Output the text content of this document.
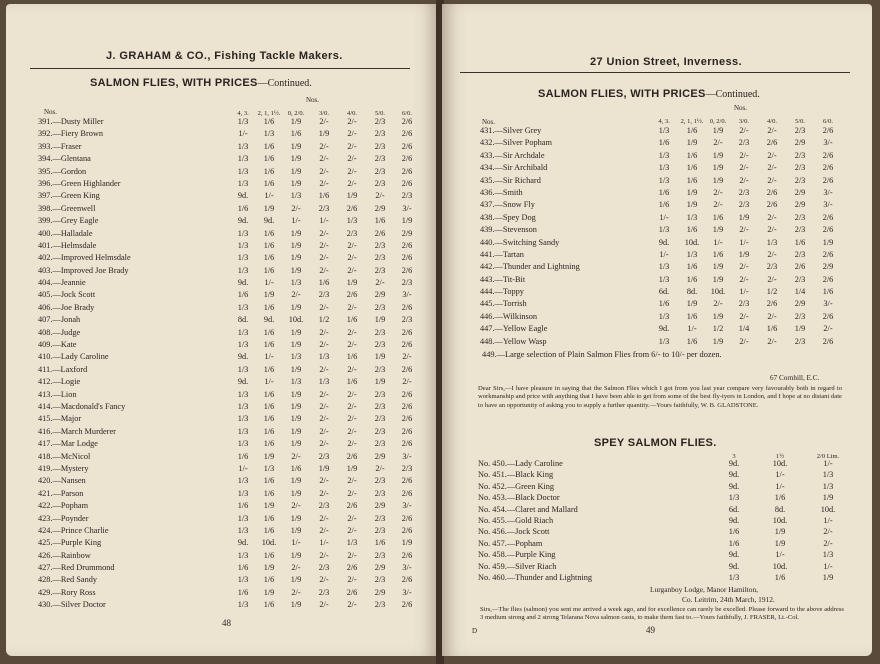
J. GRAHAM & CO., Fishing Tackle Makers.
SALMON FLIES, WITH PRICES—Continued.
Nos.
Nos.	4, 3. 2, 1, 1½. 0, 2/0. 3/0.	4/0.	5/0.	6/0.
391.—Dusty Miller	1/3 1/6 1/9 2/- 2/- 2/3 2/6
392.—Fiery Brown	1/- 1/3 1/6 1/9 2/- 2/3 2/6
393.—Fraser	1/3 1/6 1/9 2/- 2/- 2/3 2/6
394.—Glentana	1/3 1/6 1/9 2/- 2/- 2/3 2/6
395.—Gordon	1/3 1/6 1/9 2/- 2/- 2/3 2/6
396.—Green Highlander	1/3 1/6 1/9 2/- 2/- 2/3 2/6
397.—Green King	9d. 1/- 1/3 1/6 1/9 2/- 2/3
398.—Greenwell	1/6 1/9 2/- 2/3 2/6 2/9 3/-
399.—Grey Eagle	9d. 9d. 1/- 1/- 1/3 1/6 1/9
400.—Halladale	1/3 1/6 1/9 2/- 2/3 2/6 2/9
401.—Helmsdale	1/3 1/6 1/9 2/- 2/- 2/3 2/6
402.—Improved Helmsdale	1/3 1/6 1/9 2/- 2/- 2/3 2/6
403.—Improved Joe Brady	1/3 1/6 1/9 2/- 2/- 2/3 2/6
404.—Jeannie	9d. 1/- 1/3 1/6 1/9 2/- 2/3
405.—Jock Scott	1/6 1/9 2/- 2/3 2/6 2/9 3/-
406.—Joe Brady	1/3 1/6 1/9 2/- 2/- 2/3 2/6
407.—Jonah	8d. 9d. 10d. 1/2 1/6 1/9 2/3
408.—Judge	1/3 1/6 1/9 2/- 2/- 2/3 2/6
409.—Kate	1/3 1/6 1/9 2/- 2/- 2/3 2/6
410.—Lady Caroline	9d. 1/- 1/3 1/3 1/6 1/9 2/-
411.—Laxford	1/3 1/6 1/9 2/- 2/- 2/3 2/6
412.—Logie	9d. 1/- 1/3 1/3 1/6 1/9 2/-
413.—Lion	1/3 1/6 1/9 2/- 2/- 2/3 2/6
414.—Macdonald's Fancy	1/3 1/6 1/9 2/- 2/- 2/3 2/6
415.—Major	1/3 1/6 1/9 2/- 2/- 2/3 2/6
416.—March Murderer	1/3 1/6 1/9 2/- 2/- 2/3 2/6
417.—Mar Lodge	1/3 1/6 1/9 2/- 2/- 2/3 2/6
418.—McNicol	1/6 1/9 2/- 2/3 2/6 2/9 3/-
419.—Mystery	1/- 1/3 1/6 1/9 1/9 2/- 2/3
420.—Nansen	1/3 1/6 1/9 2/- 2/- 2/3 2/6
421.—Parson	1/3 1/6 1/9 2/- 2/- 2/3 2/6
422.—Popham	1/6 1/9 2/- 2/3 2/6 2/9 3/-
423.—Poynder	1/3 1/6 1/9 2/- 2/- 2/3 2/6
424.—Prince Charlie	1/3 1/6 1/9 2/- 2/- 2/3 2/6
425.—Purple King	9d. 10d. 1/- 1/- 1/3 1/6 1/9
426.—Rainbow	1/3 1/6 1/9 2/- 2/- 2/3 2/6
427.—Red Drummond	1/6 1/9 2/- 2/3 2/6 2/9 3/-
428.—Red Sandy	1/3 1/6 1/9 2/- 2/- 2/3 2/6
429.—Rory Ross	1/6 1/9 2/- 2/3 2/6 2/9 3/-
430.—Silver Doctor	1/3 1/6 1/9 2/- 2/- 2/3 2/6
48
27 Union Street, Inverness.
SALMON FLIES, WITH PRICES—Continued.
Nos.
Nos.	4, 3. 2, 1, 1½. 0, 2/0. 3/0.	4/0.	5/0.	6/0.
431.—Silver Grey	1/3 1/6 1/9 2/- 2/- 2/3 2/6
432.—Silver Popham	1/6 1/9 2/- 2/3 2/6 2/9 3/-
433.—Sir Archdale	1/3 1/6 1/9 2/- 2/- 2/3 2/6
434.—Sir Archibald	1/3 1/6 1/9 2/- 2/- 2/3 2/6
435.—Sir Richard	1/3 1/6 1/9 2/- 2/- 2/3 2/6
436.—Smith	1/6 1/9 2/- 2/3 2/6 2/9 3/-
437.—Snow Fly	1/6 1/9 2/- 2/3 2/6 2/9 3/-
438.—Spey Dog	1/- 1/3 1/6 1/9 2/- 2/3 2/6
439.—Stevenson	1/3 1/6 1/9 2/- 2/- 2/3 2/6
440.—Switching Sandy	9d. 10d. 1/- 1/- 1/3 1/6 1/9
441.—Tartan	1/- 1/3 1/6 1/9 2/- 2/3 2/6
442.—Thunder and Lightning	1/3 1/6 1/9 2/- 2/3 2/6 2/9
443.—Tit-Bit	1/3 1/6 1/9 2/- 2/- 2/3 2/6
444.—Toppy	6d. 8d. 10d. 1/- 1/2 1/4 1/6
445.—Torrish	1/6 1/9 2/- 2/3 2/6 2/9 3/-
446.—Wilkinson	1/3 1/6 1/9 2/- 2/- 2/3 2/6
447.—Yellow Eagle	9d. 1/- 1/2 1/4 1/6 1/9 2/-
448.—Yellow Wasp	1/3 1/6 1/9 2/- 2/- 2/3 2/6
449.—Large selection of Plain Salmon Flies from 6/- to 10/- per dozen.
67 Cornhill, E.C.
Dear Sirs,—I have pleasure in saying that the Salmon Flies which I got from you last year compare very favourably both in regard to workmanship and price with anything that I have been able to get from some of the best fly-tyers in London, and I hope at no distant date to have an opportunity of asking you to supply a further quantity.—Yours faithfully, W. B. GLADSTONE.
SPEY SALMON FLIES.
3	1½	2/0 Lim.
No. 450.—Lady Caroline	9d.	10d.	1/-
No. 451.—Black King	9d.	1/-	1/3
No. 452.—Green King	9d.	1/-	1/3
No. 453.—Black Doctor	1/3	1/6	1/9
No. 454.—Claret and Mallard	6d.	8d.	10d.
No. 455.—Gold Riach	9d.	10d.	1/-
No. 456.—Jock Scott	1/6	1/9	2/-
No. 457.—Popham	1/6	1/9	2/-
No. 458.—Purple King	9d.	1/-	1/3
No. 459.—Silver Riach	9d.	10d.	1/-
No. 460.—Thunder and Lightning	1/3	1/6	1/9
Lurganboy Lodge, Manor Hamilton,
Co. Leitrim, 24th March, 1912.
Sirs,—The flies (salmon) you sent me arrived a week ago, and for excellence can rarely be excelled. Please forward to the above address 3 medium strong and 2 strong Telarana Nova salmon casts, to make them fast to.—Yours faithfully, J. FRASER, Lt.-Col.
D	49
